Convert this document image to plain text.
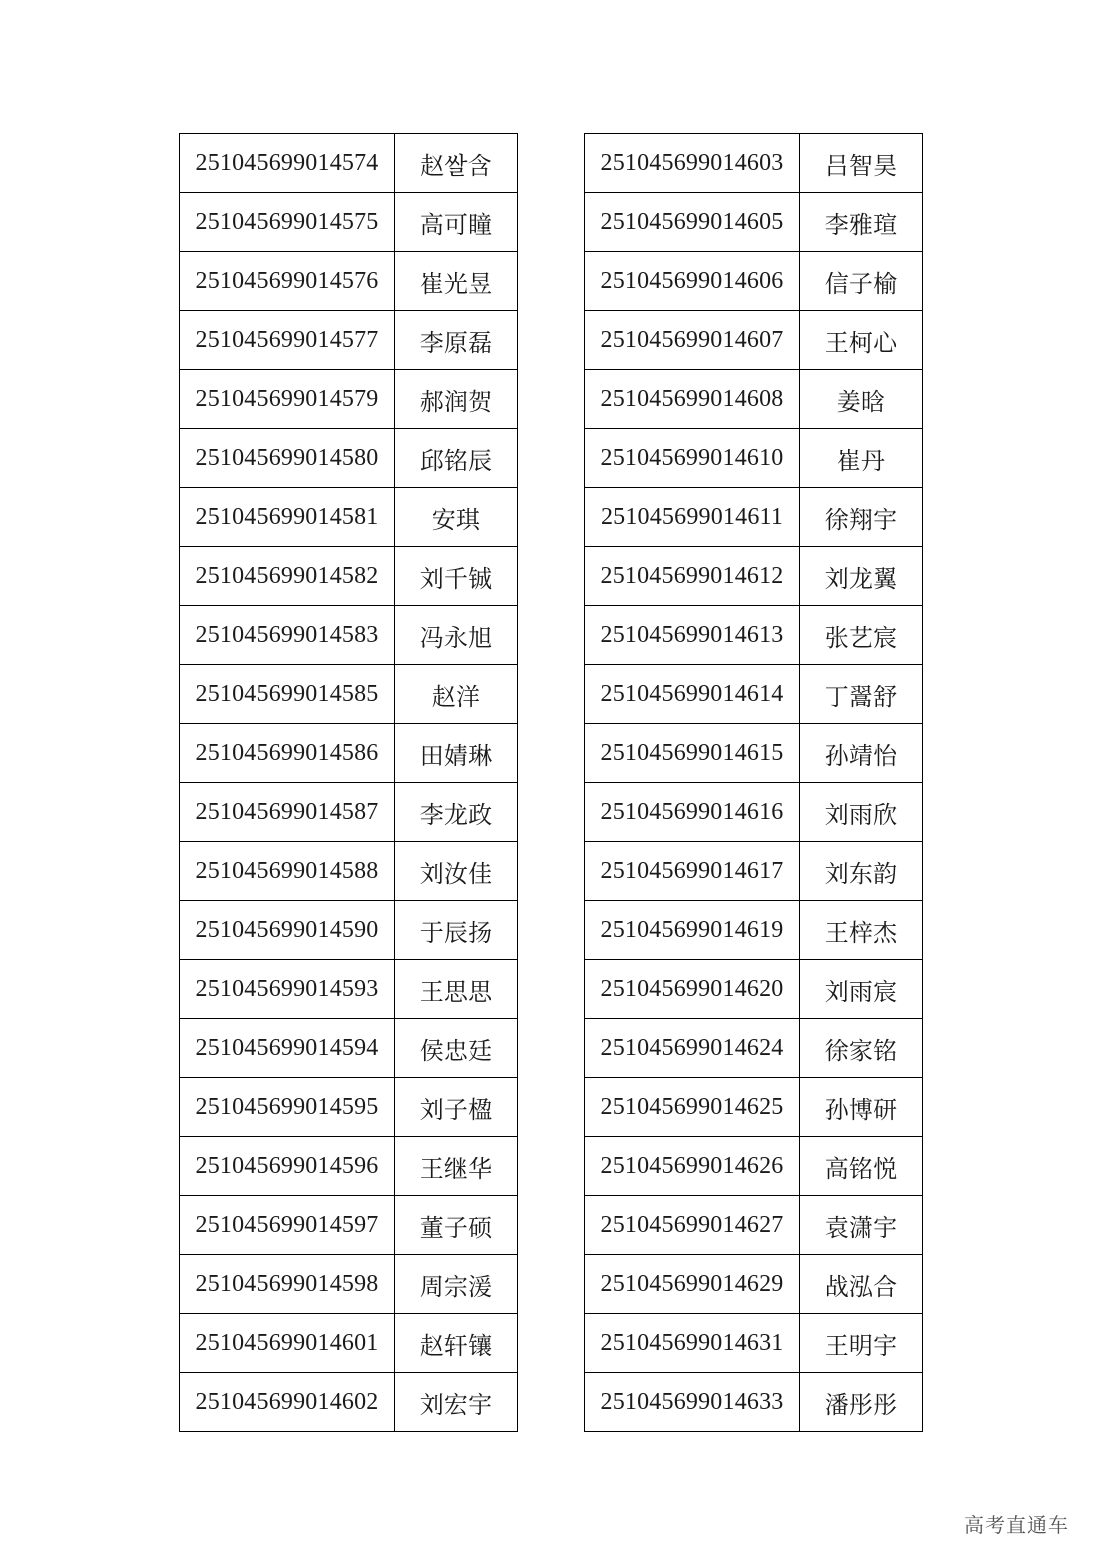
251045699014574	赵쌀含
251045699014575	高可瞳
251045699014576	崔光昱
251045699014577	李原磊
251045699014579	郝润贺
251045699014580	邱铭辰
251045699014581	安琪
251045699014582	刘千铖
251045699014583	冯永旭
251045699014585	赵洋
251045699014586	田婧琳
251045699014587	李龙政
251045699014588	刘汝佳
251045699014590	于辰扬
251045699014593	王思思
251045699014594	侯忠廷
251045699014595	刘子楹
251045699014596	王继华
251045699014597	董子硕
251045699014598	周宗湲
251045699014601	赵轩镶
251045699014602	刘宏宇
251045699014603	吕智昊
251045699014605	李雅瑄
251045699014606	信子榆
251045699014607	王柯心
251045699014608	姜晗
251045699014610	崔丹
251045699014611	徐翔宇
251045699014612	刘龙翼
251045699014613	张艺宸
251045699014614	丁翯舒
251045699014615	孙靖怡
251045699014616	刘雨欣
251045699014617	刘东韵
251045699014619	王梓杰
251045699014620	刘雨宸
251045699014624	徐家铭
251045699014625	孙博研
251045699014626	高铭悦
251045699014627	袁潇宇
251045699014629	战泓合
251045699014631	王明宇
251045699014633	潘彤彤
高考直通车
